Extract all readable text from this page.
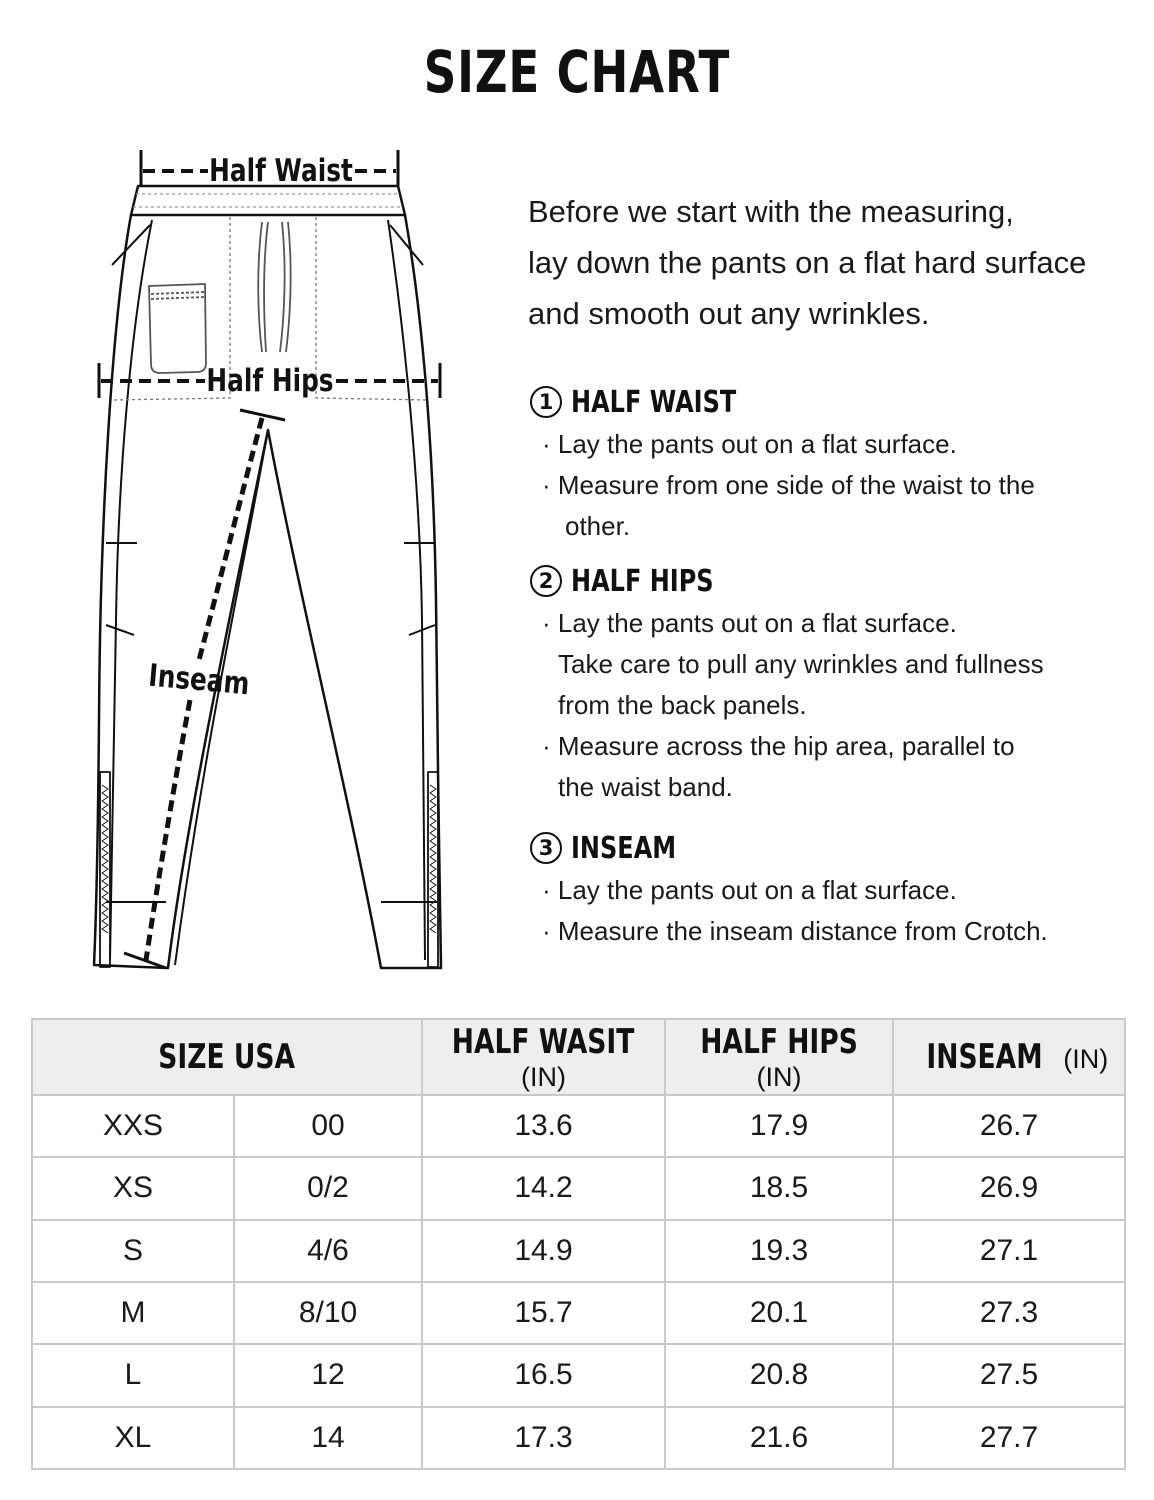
SIZE CHART
Half Waist
Half Hips
Inseam

Before we start with the measuring,
lay down the pants on a flat hard surface
and smooth out any wrinkles.

1 HALF WAIST
· Lay the pants out on a flat surface.
· Measure from one side of the waist to the
other.
2 HALF HIPS
· Lay the pants out on a flat surface.
Take care to pull any wrinkles and fullness
from the back panels.
· Measure across the hip area, parallel to
the waist band.
3 INSEAM
· Lay the pants out on a flat surface.
· Measure the inseam distance from Crotch.
SIZE USA		HALF WASIT(IN)	HALF HIPS(IN)	INSEAM (IN)
XXS	00	13.6	17.9	26.7
XS	0/2	14.2	18.5	26.9
S	4/6	14.9	19.3	27.1
M	8/10	15.7	20.1	27.3
L	12	16.5	20.8	27.5
XL	14	17.3	21.6	27.7
